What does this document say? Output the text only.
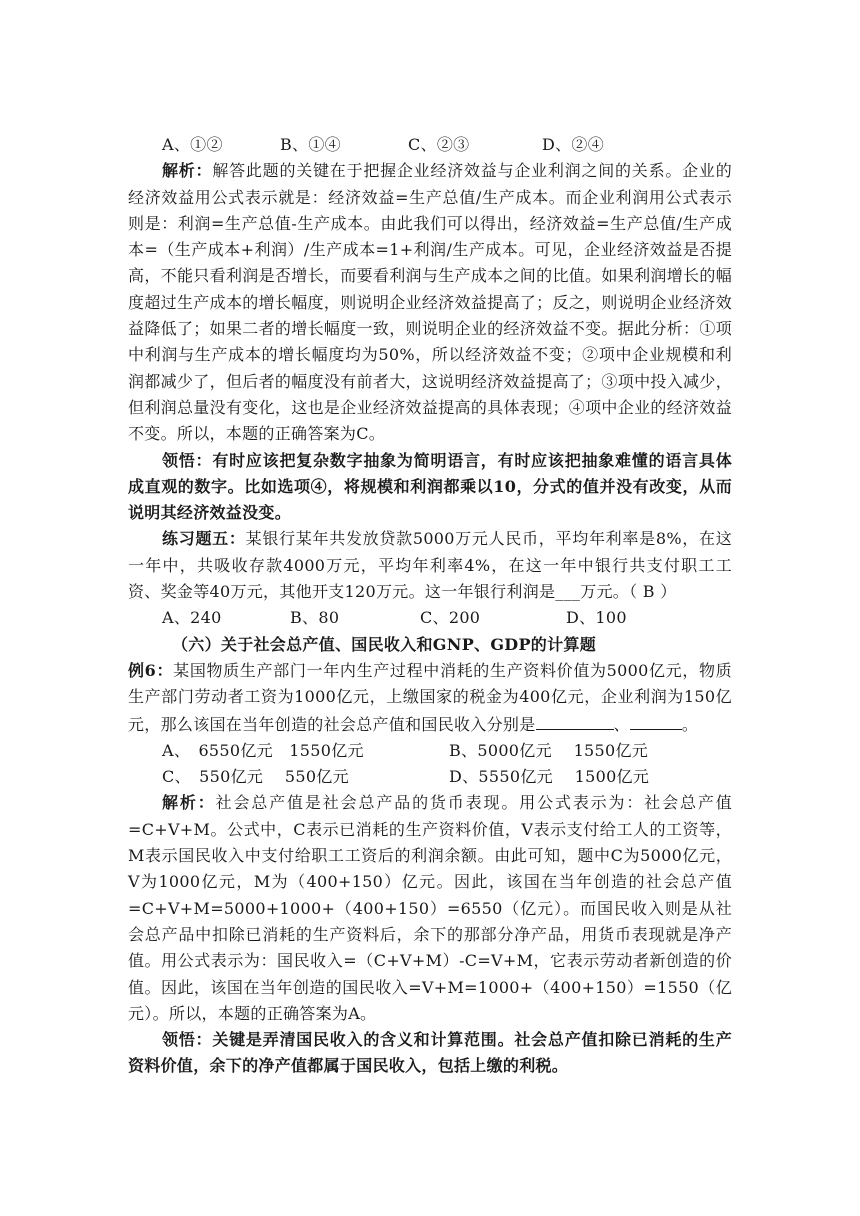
A、①②	B、①④	C、②③	D、②④

解析：解答此题的关键在于把握企业经济效益与企业利润之间的关系。企业的经济效益用公式表示就是：经济效益=生产总值/生产成本。而企业利润用公式表示则是：利润=生产总值-生产成本。由此我们可以得出，经济效益=生产总值/生产成本=（生产成本+利润）/生产成本=1+利润/生产成本。可见，企业经济效益是否提高，不能只看利润是否增长，而要看利润与生产成本之间的比值。如果利润增长的幅度超过生产成本的增长幅度，则说明企业经济效益提高了；反之，则说明企业经济效益降低了；如果二者的增长幅度一致，则说明企业的经济效益不变。据此分析：①项中利润与生产成本的增长幅度均为50%，所以经济效益不变；②项中企业规模和利润都减少了，但后者的幅度没有前者大，这说明经济效益提高了；③项中投入减少，但利润总量没有变化，这也是企业经济效益提高的具体表现；④项中企业的经济效益不变。所以，本题的正确答案为C。

领悟：有时应该把复杂数字抽象为简明语言，有时应该把抽象难懂的语言具体成直观的数字。比如选项④，将规模和利润都乘以10，分式的值并没有改变，从而说明其经济效益没变。

练习题五：某银行某年共发放贷款5000万元人民币，平均年利率是8%，在这一年中，共吸收存款4000万元，平均年利率4%，在这一年中银行共支付职工工资、奖金等40万元，其他开支120万元。这一年银行利润是___万元。（ B ）

A、240	B、80	C、200	D、100

（六）关于社会总产值、国民收入和GNP、GDP的计算题

例6：某国物质生产部门一年内生产过程中消耗的生产资料价值为5000亿元，物质生产部门劳动者工资为1000亿元，上缴国家的税金为400亿元，企业利润为150亿元，那么该国在当年创造的社会总产值和国民收入分别是	、	。

A、　6550亿元　1550亿元	B、5000亿元　 1550亿元
C、　550亿元　 550亿元	D、5550亿元　 1500亿元

解析：社会总产值是社会总产品的货币表现。用公式表示为：社会总产值=C+V+M。公式中，C表示已消耗的生产资料价值，V表示支付给工人的工资等，M表示国民收入中支付给职工工资后的利润余额。由此可知，题中C为5000亿元，V为1000亿元，M为（400+150）亿元。因此，该国在当年创造的社会总产值=C+V+M=5000+1000+（400+150）=6550（亿元）。而国民收入则是从社会总产品中扣除已消耗的生产资料后，余下的那部分净产品，用货币表现就是净产值。用公式表示为：国民收入=（C+V+M）-C=V+M，它表示劳动者新创造的价值。因此，该国在当年创造的国民收入=V+M=1000+（400+150）=1550（亿元）。所以，本题的正确答案为A。

领悟：关键是弄清国民收入的含义和计算范围。社会总产值扣除已消耗的生产资料价值，余下的净产值都属于国民收入，包括上缴的利税。
